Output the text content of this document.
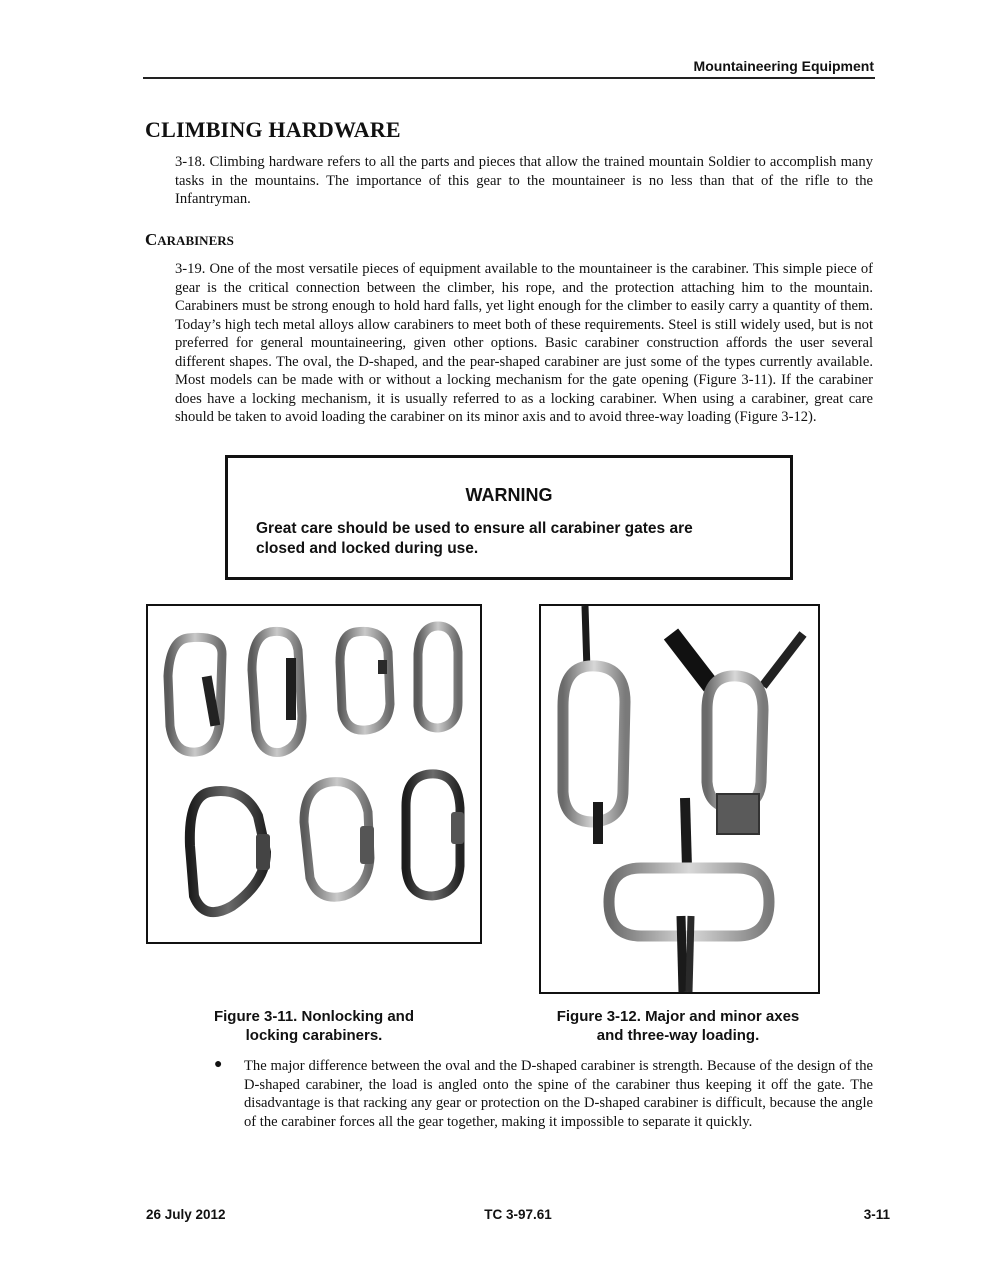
Mountaineering Equipment
CLIMBING HARDWARE
3-18. Climbing hardware refers to all the parts and pieces that allow the trained mountain Soldier to accomplish many tasks in the mountains. The importance of this gear to the mountaineer is no less than that of the rifle to the Infantryman.
CARABINERS
3-19. One of the most versatile pieces of equipment available to the mountaineer is the carabiner. This simple piece of gear is the critical connection between the climber, his rope, and the protection attaching him to the mountain. Carabiners must be strong enough to hold hard falls, yet light enough for the climber to easily carry a quantity of them. Today’s high tech metal alloys allow carabiners to meet both of these requirements. Steel is still widely used, but is not preferred for general mountaineering, given other options. Basic carabiner construction affords the user several different shapes. The oval, the D-shaped, and the pear-shaped carabiner are just some of the types currently available. Most models can be made with or without a locking mechanism for the gate opening (Figure 3-11). If the carabiner does have a locking mechanism, it is usually referred to as a locking carabiner. When using a carabiner, great care should be taken to avoid loading the carabiner on its minor axis and to avoid three-way loading (Figure 3-12).
WARNING
Great care should be used to ensure all carabiner gates are closed and locked during use.
Figure 3-11. Nonlocking and
locking carabiners.
Figure 3-12. Major and minor axes
and three-way loading.
● The major difference between the oval and the D-shaped carabiner is strength. Because of the design of the D-shaped carabiner, the load is angled onto the spine of the carabiner thus keeping it off the gate. The disadvantage is that racking any gear or protection on the D-shaped carabiner is difficult, because the angle of the carabiner forces all the gear together, making it impossible to separate it quickly.
26 July 2012	TC 3-97.61	3-11
